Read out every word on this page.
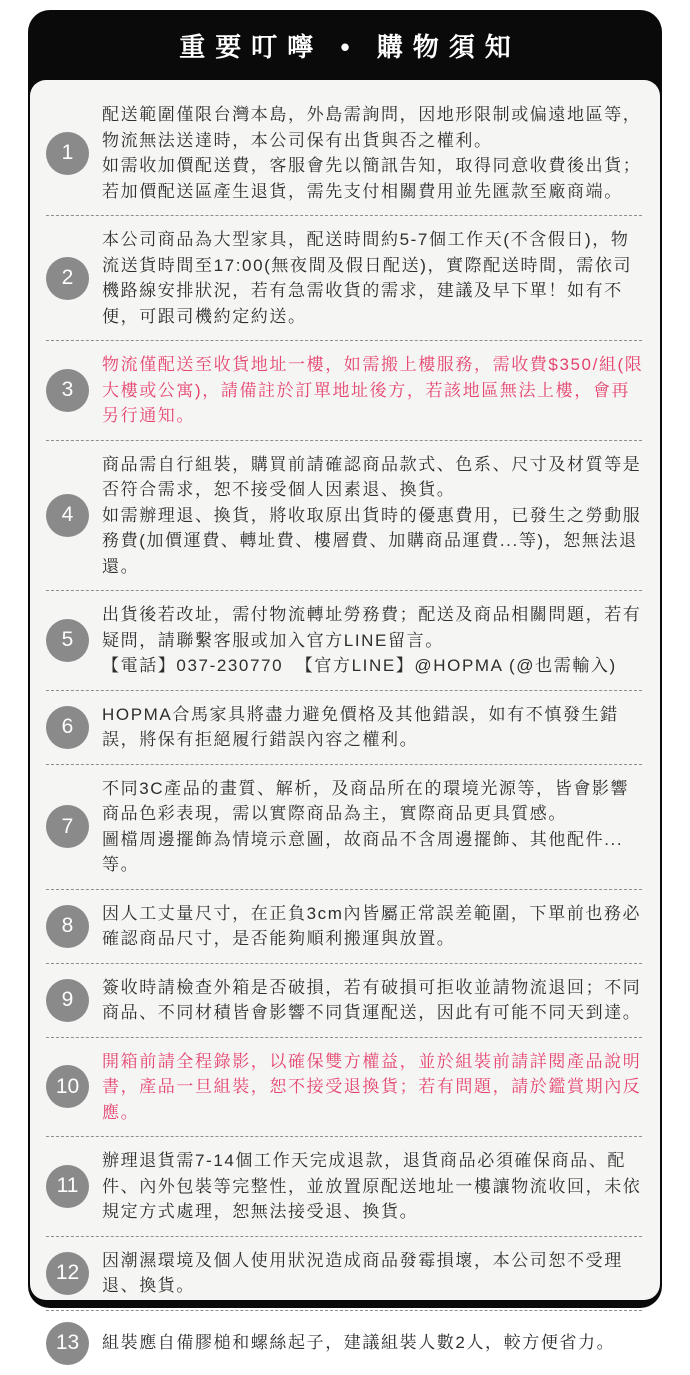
重要叮嚀 • 購物須知
1
配送範圍僅限台灣本島，外島需詢問，因地形限制或偏遠地區等，物流無法送達時，本公司保有出貨與否之權利。
如需收加價配送費，客服會先以簡訊告知，取得同意收費後出貨；若加價配送區產生退貨，需先支付相關費用並先匯款至廠商端。
2
本公司商品為大型家具，配送時間約5-7個工作天(不含假日)，物流送貨時間至17:00(無夜間及假日配送)，實際配送時間，需依司機路線安排狀況，若有急需收貨的需求，建議及早下單！如有不便，可跟司機約定約送。
3
物流僅配送至收貨地址一樓，如需搬上樓服務，需收費$350/組(限大樓或公寓)，請備註於訂單地址後方，若該地區無法上樓，會再另行通知。
4
商品需自行組裝，購買前請確認商品款式、色系、尺寸及材質等是否符合需求，恕不接受個人因素退、換貨。
如需辦理退、換貨，將收取原出貨時的優惠費用，已發生之勞動服務費(加價運費、轉址費、樓層費、加購商品運費...等)，恕無法退還。
5
出貨後若改址，需付物流轉址勞務費；配送及商品相關問題，若有疑問，請聯繫客服或加入官方LINE留言。
【電話】037-230770  【官方LINE】@HOPMA (@也需輸入)
6
HOPMA合馬家具將盡力避免價格及其他錯誤，如有不慎發生錯誤，將保有拒絕履行錯誤內容之權利。
7
不同3C產品的畫質、解析，及商品所在的環境光源等，皆會影響商品色彩表現，需以實際商品為主，實際商品更具質感。
圖檔周邊擺飾為情境示意圖，故商品不含周邊擺飾、其他配件...等。
8
因人工丈量尺寸，在正負3cm內皆屬正常誤差範圍，下單前也務必確認商品尺寸，是否能夠順利搬運與放置。
9
簽收時請檢查外箱是否破損，若有破損可拒收並請物流退回；不同商品、不同材積皆會影響不同貨運配送，因此有可能不同天到達。
10
開箱前請全程錄影，以確保雙方權益，並於組裝前請詳閱產品說明書，產品一旦組裝，恕不接受退換貨；若有問題，請於鑑賞期內反應。
11
辦理退貨需7-14個工作天完成退款，退貨商品必須確保商品、配件、內外包裝等完整性，並放置原配送地址一樓讓物流收回，未依規定方式處理，恕無法接受退、換貨。
12
因潮濕環境及個人使用狀況造成商品發霉損壞，本公司恕不受理退、換貨。
13	組裝應自備膠槌和螺絲起子，建議組裝人數2人，較方便省力。
